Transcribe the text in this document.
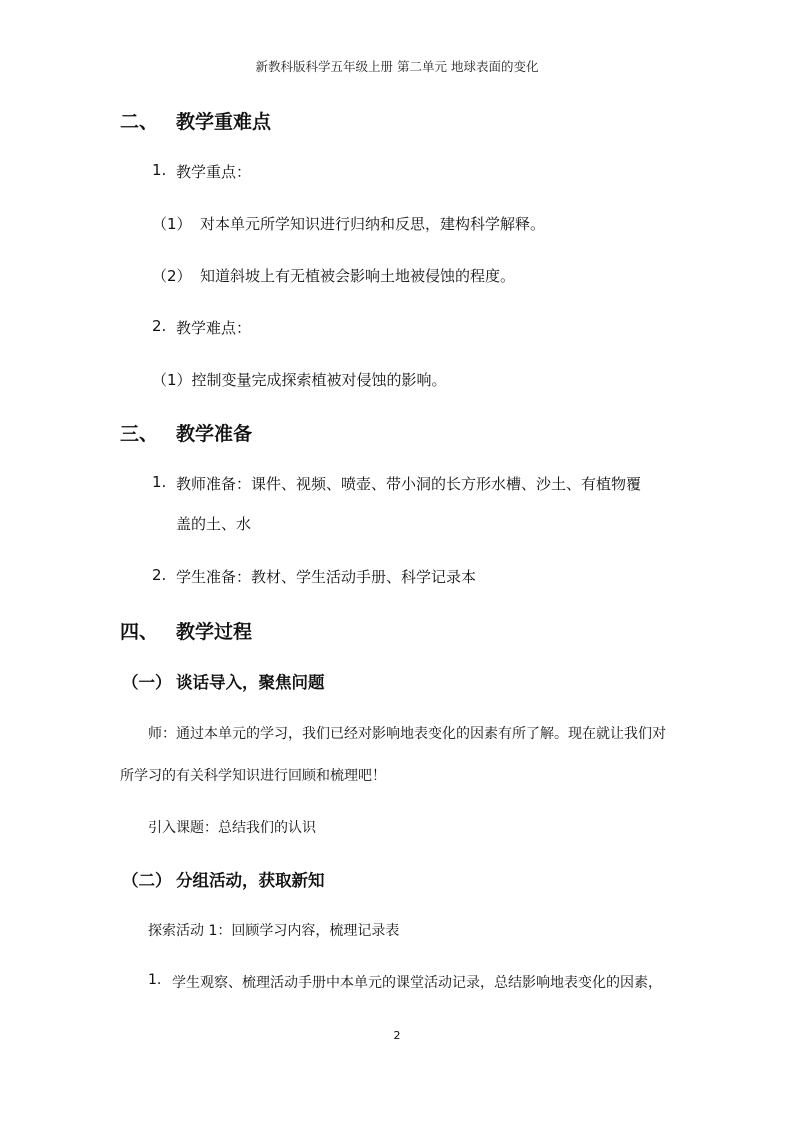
新教科版科学五年级上册 第二单元 地球表面的变化
二、 教学重难点
1. 教学重点：
（1） 对本单元所学知识进行归纳和反思，建构科学解释。
（2） 知道斜坡上有无植被会影响土地被侵蚀的程度。
2. 教学难点：
（1）控制变量完成探索植被对侵蚀的影响。
三、 教学准备
1. 教师准备：课件、视频、喷壶、带小洞的长方形水槽、沙土、有植物覆
盖的土、水
2. 学生准备：教材、学生活动手册、科学记录本
四、 教学过程
（一） 谈话导入，聚焦问题
师：通过本单元的学习，我们已经对影响地表变化的因素有所了解。现在就让我们对
所学习的有关科学知识进行回顾和梳理吧！
引入课题：总结我们的认识
（二） 分组活动，获取新知
探索活动 1：回顾学习内容，梳理记录表
1. 学生观察、梳理活动手册中本单元的课堂活动记录，总结影响地表变化的因素，
2
